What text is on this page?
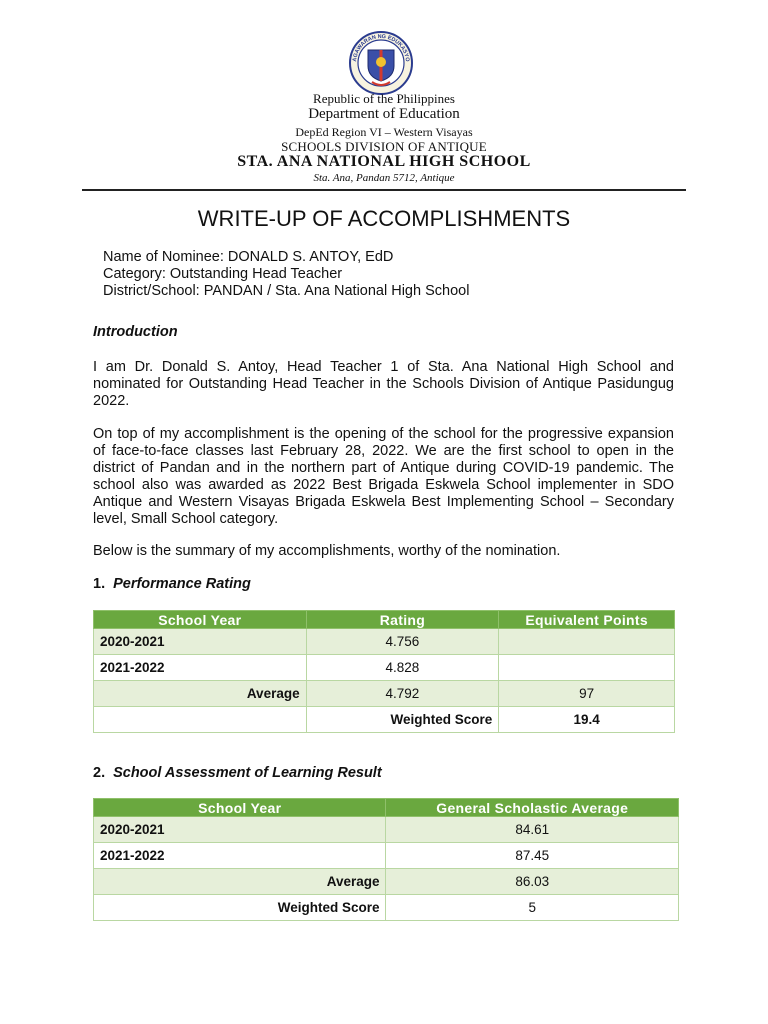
AGAWARAN NG EDUKASYO
Republic of the Philippines
Department of Education
DepEd Region VI – Western Visayas
SCHOOLS DIVISION OF ANTIQUE
STA. ANA NATIONAL HIGH SCHOOL
Sta. Ana, Pandan 5712, Antique
WRITE-UP OF ACCOMPLISHMENTS
Name of Nominee: DONALD S. ANTOY, EdD
Category: Outstanding Head Teacher
District/School: PANDAN / Sta. Ana National High School
Introduction
I am Dr. Donald S. Antoy, Head Teacher 1 of Sta. Ana National High School and nominated for Outstanding Head Teacher in the Schools Division of Antique Pasidungug 2022.
On top of my accomplishment is the opening of the school for the progressive expansion of face-to-face classes last February 28, 2022. We are the first school to open in the district of Pandan and in the northern part of Antique during COVID-19 pandemic. The school also was awarded as 2022 Best Brigada Eskwela School implementer in SDO Antique and Western Visayas Brigada Eskwela Best Implementing School – Secondary level, Small School category.
Below is the summary of my accomplishments, worthy of the nomination.
1. Performance Rating
School Year	Rating	Equivalent Points
2020-2021	4.756	
2021-2022	4.828	
Average	4.792	97
	Weighted Score	19.4
2. School Assessment of Learning Result
School Year	General Scholastic Average
2020-2021	84.61
2021-2022	87.45
Average	86.03
Weighted Score	5
